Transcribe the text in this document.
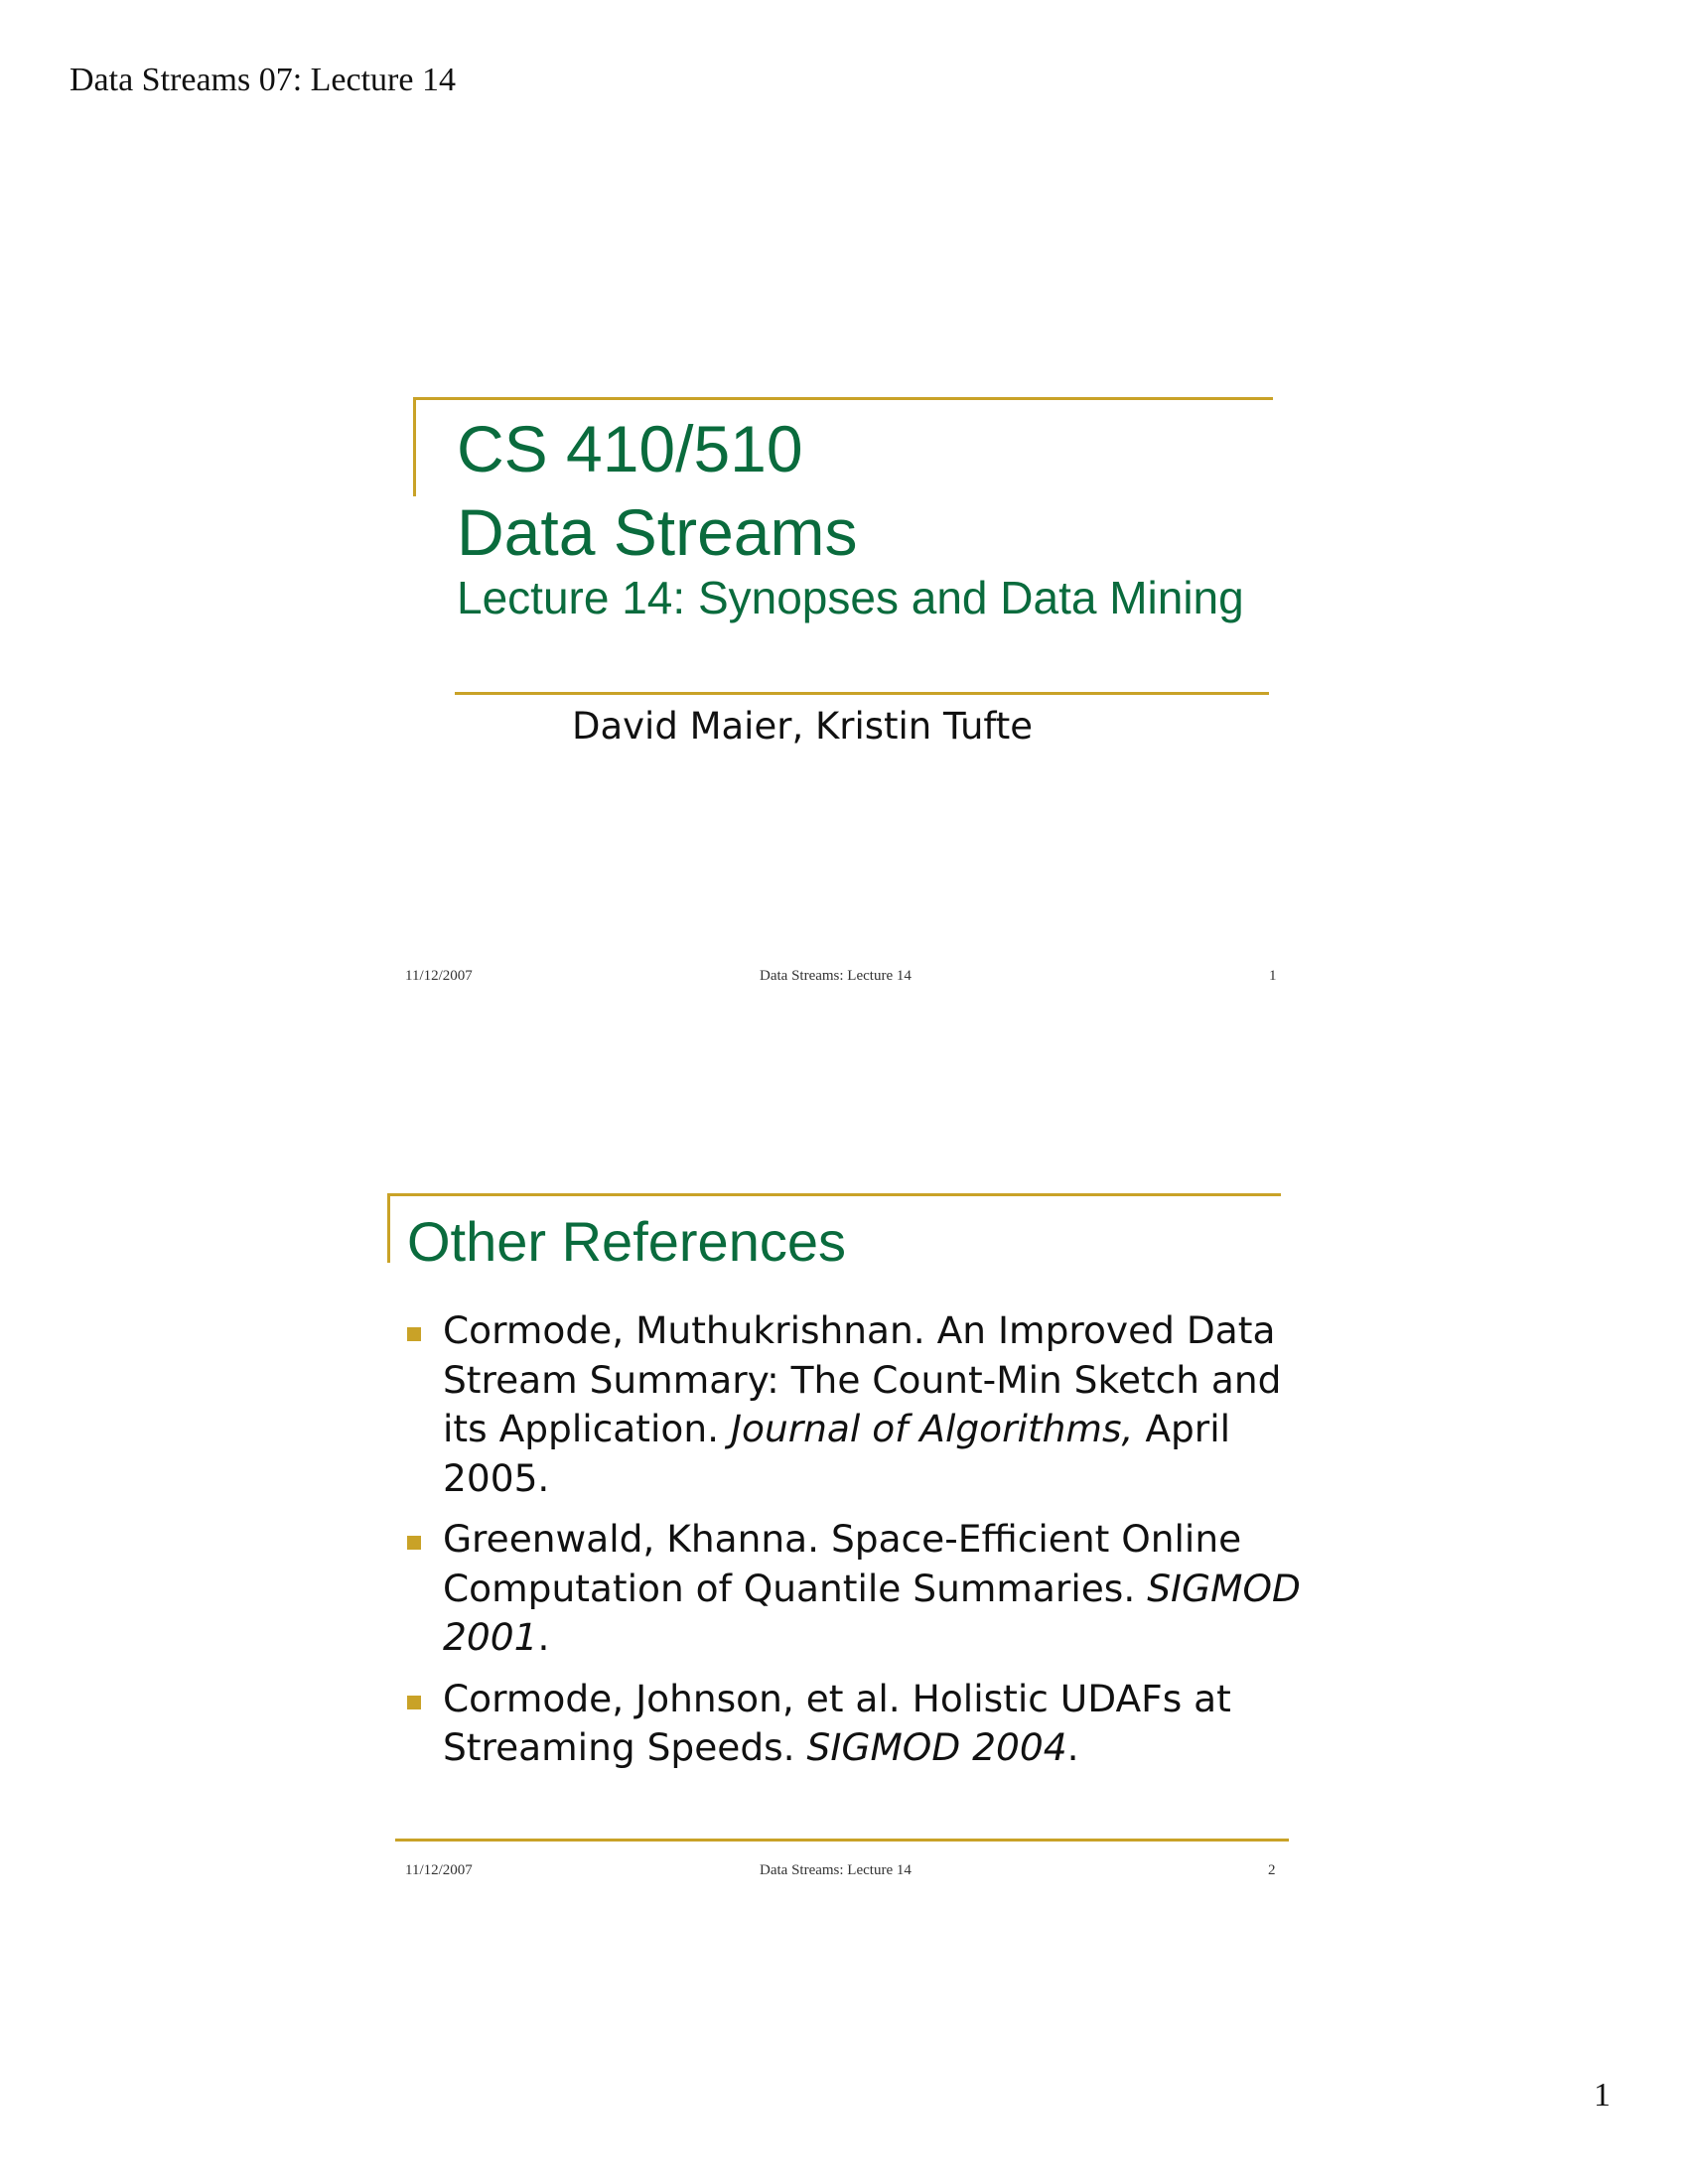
Data Streams 07: Lecture 14
CS 410/510
Data Streams
Lecture 14: Synopses and Data Mining
David Maier, Kristin Tufte
11/12/2007	Data Streams: Lecture 14	1
Other References
Cormode, Muthukrishnan. An Improved Data Stream Summary: The Count-Min Sketch and its Application. Journal of Algorithms, April 2005.
Greenwald, Khanna. Space-Efficient Online Computation of Quantile Summaries. SIGMOD 2001.
Cormode, Johnson, et al. Holistic UDAFs at Streaming Speeds. SIGMOD 2004.
11/12/2007	Data Streams: Lecture 14	2
1
